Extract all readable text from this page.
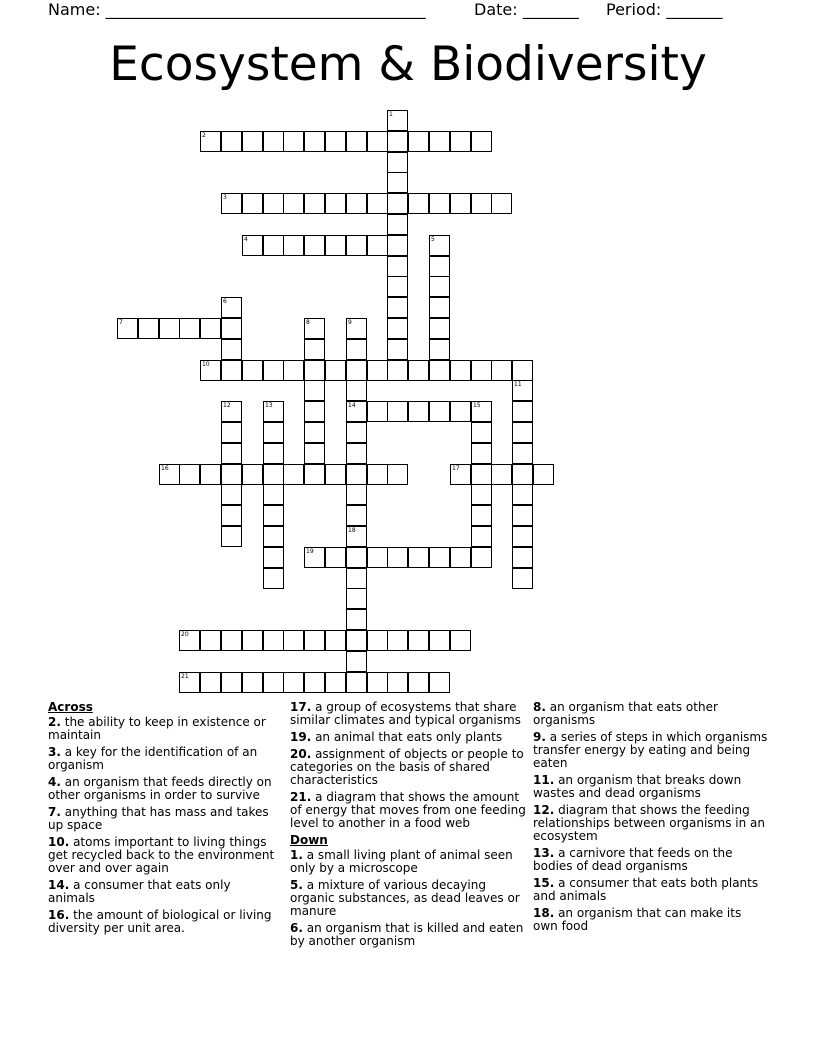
Name: ________________________________________	Date: _______ Period: _______
Ecosystem & Biodiversity
1
2
3
4	5
6
7	8	9
14
10
11
12	13	15
16	17
18
19
20
21
Across
2. the ability to keep in existence or maintain
3. a key for the identification of an organism
4. an organism that feeds directly on other organisms in order to survive
7. anything that has mass and takes up space
10. atoms important to living things get recycled back to the environment over and over again
14. a consumer that eats only animals
16. the amount of biological or living diversity per unit area.
17. a group of ecosystems that share similar climates and typical organisms
19. an animal that eats only plants
20. assignment of objects or people to categories on the basis of shared characteristics
21. a diagram that shows the amount of energy that moves from one feeding level to another in a food web
Down
1. a small living plant of animal seen only by a microscope
5. a mixture of various decaying organic substances, as dead leaves or manure
6. an organism that is killed and eaten by another organism
8. an organism that eats other organisms
9. a series of steps in which organisms transfer energy by eating and being eaten
11. an organism that breaks down wastes and dead organisms
12. diagram that shows the feeding relationships between organisms in an ecosystem
13. a carnivore that feeds on the bodies of dead organisms
15. a consumer that eats both plants and animals
18. an organism that can make its own food
